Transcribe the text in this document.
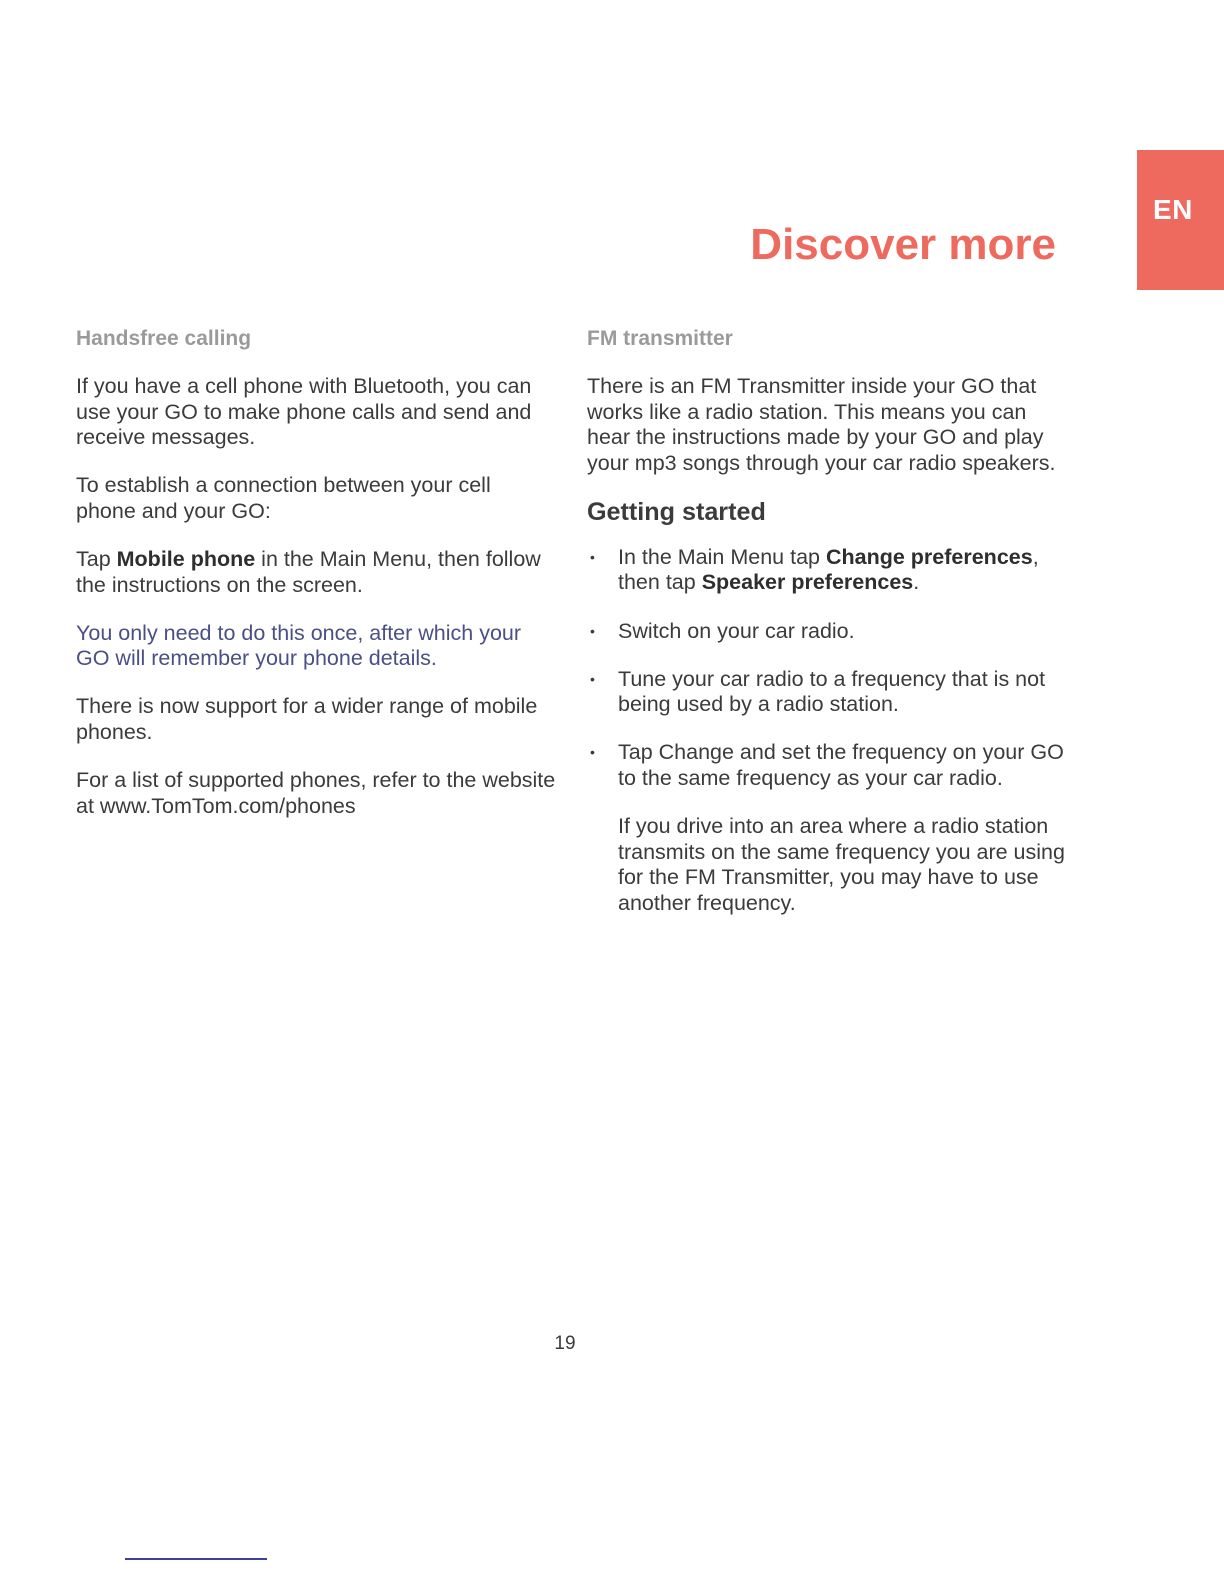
EN
Discover more
Handsfree calling

If you have a cell phone with Bluetooth, you can use your GO to make phone calls and send and receive messages.

To establish a connection between your cell phone and your GO:

Tap Mobile phone in the Main Menu, then follow the instructions on the screen.

You only need to do this once, after which your GO will remember your phone details.

There is now support for a wider range of mobile phones.

For a list of supported phones, refer to the website at www.TomTom.com/phones

FM transmitter

There is an FM Transmitter inside your GO that works like a radio station. This means you can hear the instructions made by your GO and play your mp3 songs through your car radio speakers.

Getting started
• In the Main Menu tap Change preferences, then tap Speaker preferences.
• Switch on your car radio.
• Tune your car radio to a frequency that is not being used by a radio station.
• Tap Change and set the frequency on your GO to the same frequency as your car radio.

If you drive into an area where a radio station transmits on the same frequency you are using for the FM Transmitter, you may have to use another frequency.

19
